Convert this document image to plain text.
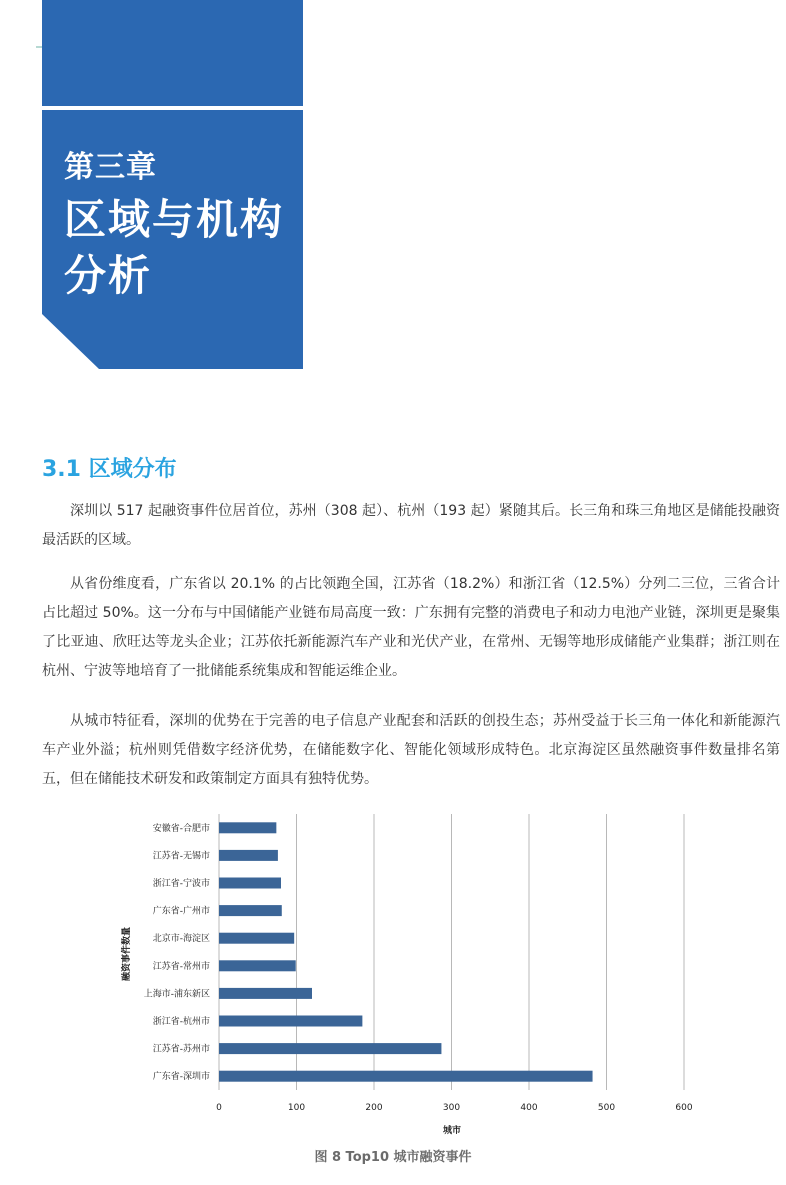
第三章
区域与机构分析
3.1 区域分布

深圳以 517 起融资事件位居首位，苏州（308 起）、杭州（193 起）紧随其后。长三角和珠三角地区是储能投融资最活跃的区域。

从省份维度看，广东省以 20.1% 的占比领跑全国，江苏省（18.2%）和浙江省（12.5%）分列二三位，三省合计占比超过 50%。这一分布与中国储能产业链布局高度一致：广东拥有完整的消费电子和动力电池产业链，深圳更是聚集了比亚迪、欣旺达等龙头企业；江苏依托新能源汽车产业和光伏产业，在常州、无锡等地形成储能产业集群；浙江则在杭州、宁波等地培育了一批储能系统集成和智能运维企业。

从城市特征看，深圳的优势在于完善的电子信息产业配套和活跃的创投生态；苏州受益于长三角一体化和新能源汽车产业外溢；杭州则凭借数字经济优势，在储能数字化、智能化领域形成特色。北京海淀区虽然融资事件数量排名第五，但在储能技术研发和政策制定方面具有独特优势。

安徽省-合肥市
江苏省-无锡市
浙江省-宁波市
广东省-广州市
北京市-海淀区
江苏省-常州市
上海市-浦东新区
浙江省-杭州市
江苏省-苏州市
广东省-深圳市
0	100	200	300	400	500	600
城市
融资事件数量
图 8 Top10 城市融资事件
